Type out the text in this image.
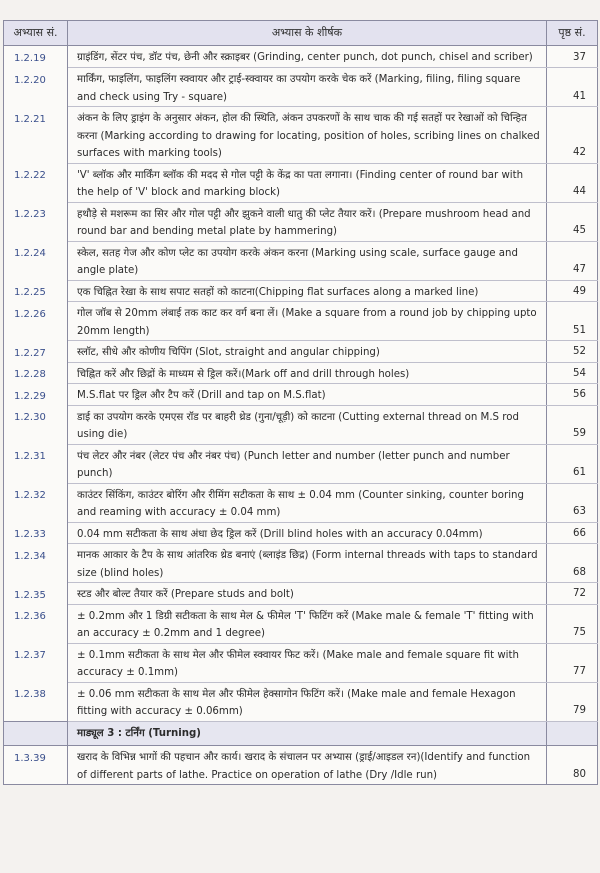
अभ्यास सं.	अभ्यास के शीर्षक	पृष्ठ सं.
1.2.19	ग्राइंडिंग, सेंटर पंच, डॉट पंच, छेनी और स्क्राइबर (Grinding, center punch, dot punch, chisel and scriber)	37
1.2.20	मार्किंग, फाइलिंग, फाइलिंग स्क्वायर और ट्राई-स्क्वायर का उपयोग करके चेक करें (Marking, filing, filing square and check using Try - square)	41
1.2.21	अंकन के लिए ड्राइंग के अनुसार अंकन, होल की स्थिति, अंकन उपकरणों के साथ चाक की गई सतहों पर रेखाओं को चिन्हित करना (Marking according to drawing for locating, position of holes, scribing lines on chalked surfaces with marking tools)	42
1.2.22	'V' ब्लॉक और मार्किंग ब्लॉक की मदद से गोल पट्टी के केंद्र का पता लगाना। (Finding center of round bar with the help of 'V' block and marking block)	44
1.2.23	हथौड़े से मशरूम का सिर और गोल पट्टी और झुकने वाली धातु की प्लेट तैयार करें। (Prepare mushroom head and round bar and bending metal plate by hammering)	45
1.2.24	स्केल, सतह गेज और कोण प्लेट का उपयोग करके अंकन करना (Marking using scale, surface gauge and angle plate)	47
1.2.25	एक चिह्नित रेखा के साथ सपाट सतहों को काटना(Chipping flat surfaces along a marked line)	49
1.2.26	गोल जॉब से 20mm लंबाई तक काट कर वर्ग बना लें। (Make a square from a round job by chipping upto 20mm length)	51
1.2.27	स्लॉट, सीधे और कोणीय चिपिंग (Slot, straight and angular chipping)	52
1.2.28	चिह्नित करें और छिद्रों के माध्यम से ड्रिल करें।(Mark off and drill through holes)	54
1.2.29	M.S.flat पर ड्रिल और टैप करें (Drill and tap on M.S.flat)	56
1.2.30	डाई का उपयोग करके एमएस रॉड पर बाहरी थ्रेड (गुना/चूड़ी) को काटना (Cutting external thread on M.S rod using die)	59
1.2.31	पंच लेटर और नंबर (लेटर पंच और नंबर पंच) (Punch letter and number (letter punch and number punch)	61
1.2.32	काउंटर सिंकिंग, काउंटर बोरिंग और रीमिंग सटीकता के साथ ± 0.04 mm (Counter sinking, counter boring and reaming with accuracy ± 0.04 mm)	63
1.2.33	0.04 mm सटीकता के साथ अंधा छेद ड्रिल करें (Drill blind holes with an accuracy 0.04mm)	66
1.2.34	मानक आकार के टैप के साथ आंतरिक थ्रेड बनाएं (ब्लाइंड छिद्र) (Form internal threads with taps to standard size (blind holes)	68
1.2.35	स्टड और बोल्ट तैयार करें (Prepare studs and bolt)	72
1.2.36	± 0.2mm और 1 डिग्री सटीकता के साथ मेल & फीमेल 'T' फिटिंग करें (Make male & female 'T' fitting with an accuracy ± 0.2mm and 1 degree)	75
1.2.37	± 0.1mm सटीकता के साथ मेल और फीमेल स्क्वायर फिट करें। (Make male and female square fit with accuracy ± 0.1mm)	77
1.2.38	± 0.06 mm सटीकता के साथ मेल और फीमेल हेक्सागोन फिटिंग करें। (Make male and female Hexagon fitting with accuracy ± 0.06mm)	79
	माड्यूल 3 : टर्निंग (Turning)	
1.3.39	खराद के विभिन्न भागों की पहचान और कार्य। खराद के संचालन पर अभ्यास (ड्राई/आइडल रन)(Identify and function of different parts of lathe. Practice on operation of lathe (Dry /Idle run)	80
